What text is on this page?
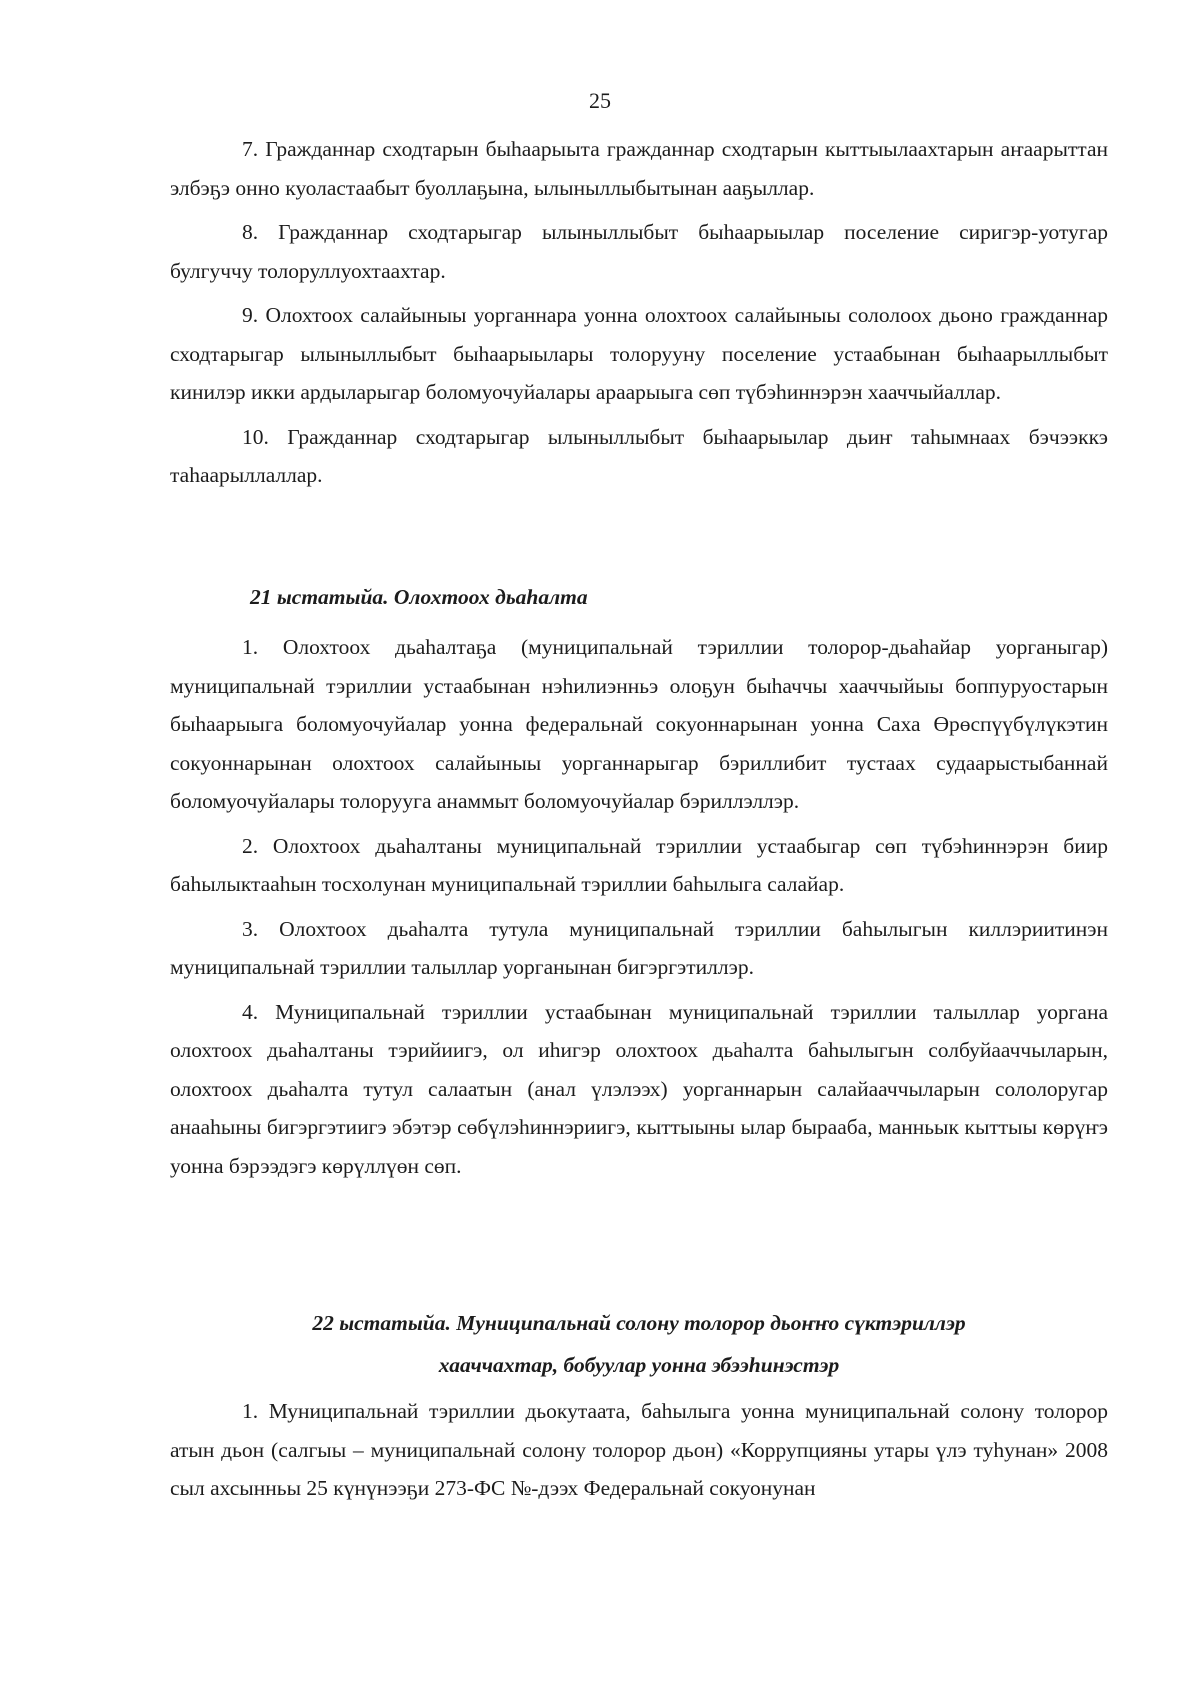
25

7. Гражданнар сходтарын быһаарыыта гражданнар сходтарын кыттыылаахтарын аҥаарыттан элбэҕэ онно куоластаабыт буоллаҕына, ылыныллыбытынан ааҕыллар.

8. Гражданнар сходтарыгар ылыныллыбыт быһаарыылар поселение сиригэр-уотугар булгуччу толоруллуохтаахтар.

9. Олохтоох салайыныы уорганнара уонна олохтоох салайыныы сололоох дьоно гражданнар сходтарыгар ылыныллыбыт быһаарыылары толорууну поселение устаабынан быһаарыллыбыт кинилэр икки ардыларыгар боломуочуйалары араарыыга сөп түбэһиннэрэн хааччыйаллар.

10. Гражданнар сходтарыгар ылыныллыбыт быһаарыылар дьиҥ таһымнаах бэчээккэ таһаарыллаллар.

21 ыстатыйа. Олохтоох дьаһалта

1. Олохтоох дьаһалтаҕа (муниципальнай тэриллии толорор-дьаһайар уорганыгар) муниципальнай тэриллии устаабынан нэһилиэнньэ олоҕун быһаччы хааччыйыы боппуруостарын быһаарыыга боломуочуйалар уонна федеральнай сокуоннарынан уонна Саха Өрөспүүбүлүкэтин сокуоннарынан олохтоох салайыныы уорганнарыгар бэриллибит тустаах судаарыстыбаннай боломуочуйалары толорууга анаммыт боломуочуйалар бэриллэллэр.

2. Олохтоох дьаһалтаны муниципальнай тэриллии устаабыгар сөп түбэһиннэрэн биир баһылыктааһын тосхолунан муниципальнай тэриллии баһылыга салайар.

3. Олохтоох дьаһалта тутула муниципальнай тэриллии баһылыгын киллэриитинэн муниципальнай тэриллии талыллар уорганынан бигэргэтиллэр.

4. Муниципальнай тэриллии устаабынан муниципальнай тэриллии талыллар уоргана олохтоох дьаһалтаны тэрийиигэ, ол иһигэр олохтоох дьаһалта баһылыгын солбуйааччыларын, олохтоох дьаһалта тутул салаатын (анал үлэлээх) уорганнарын салайааччыларын сололоругар анааһыны бигэргэтиигэ эбэтэр сөбүлэһиннэриигэ, кыттыыны ылар бырааба, манньык кыттыы көрүҥэ уонна бэрээдэгэ көрүллүөн сөп.

22 ыстатыйа. Муниципальнай солону толорор дьоҥҥо сүктэриллэр
хааччахтар, бобуулар уонна эбээһинэстэр

1. Муниципальнай тэриллии дьокутаата, баһылыга уонна муниципальнай солону толорор атын дьон (салгыы – муниципальнай солону толорор дьон) «Коррупцияны утары үлэ туһунан» 2008 сыл ахсынньы 25 күнүнээҕи 273-ФС №-дээх Федеральнай сокуонунан
